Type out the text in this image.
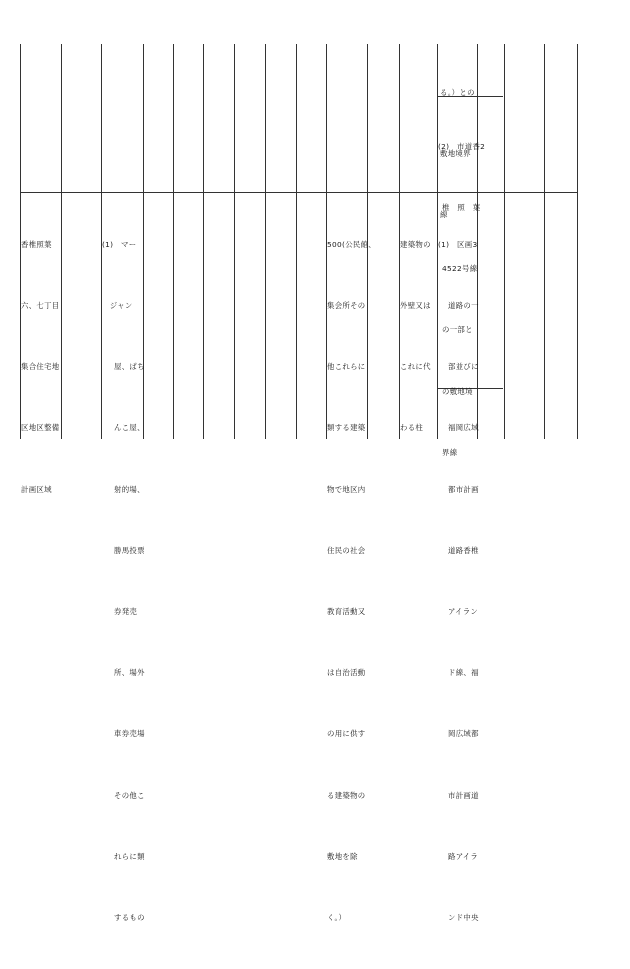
る。）との

敷地境界

線

(2)　市道香2

椎　照　葉

4522号線

の一部と

の敷地境

界線

香椎照葉

六、七丁目

集合住宅地

区地区整備

計画区域

(1)　マー

　ジャン

屋、ぱち

んこ屋、

射的場、

勝馬投票

券発売

所、場外

車券売場

その他こ

れらに類

するもの

500(公民館、

集会所その

他これらに

類する建築

物で地区内

住民の社会

教育活動又

は自治活動

の用に供す

る建築物の

敷地を除

く。）

建築物の

外壁又は

これに代

わる柱

(1)　区画3

道路の一

部並びに

福岡広域

都市計画

道路香椎

アイラン

ド線、福

岡広域都

市計画道

路アイラ

ンド中央
